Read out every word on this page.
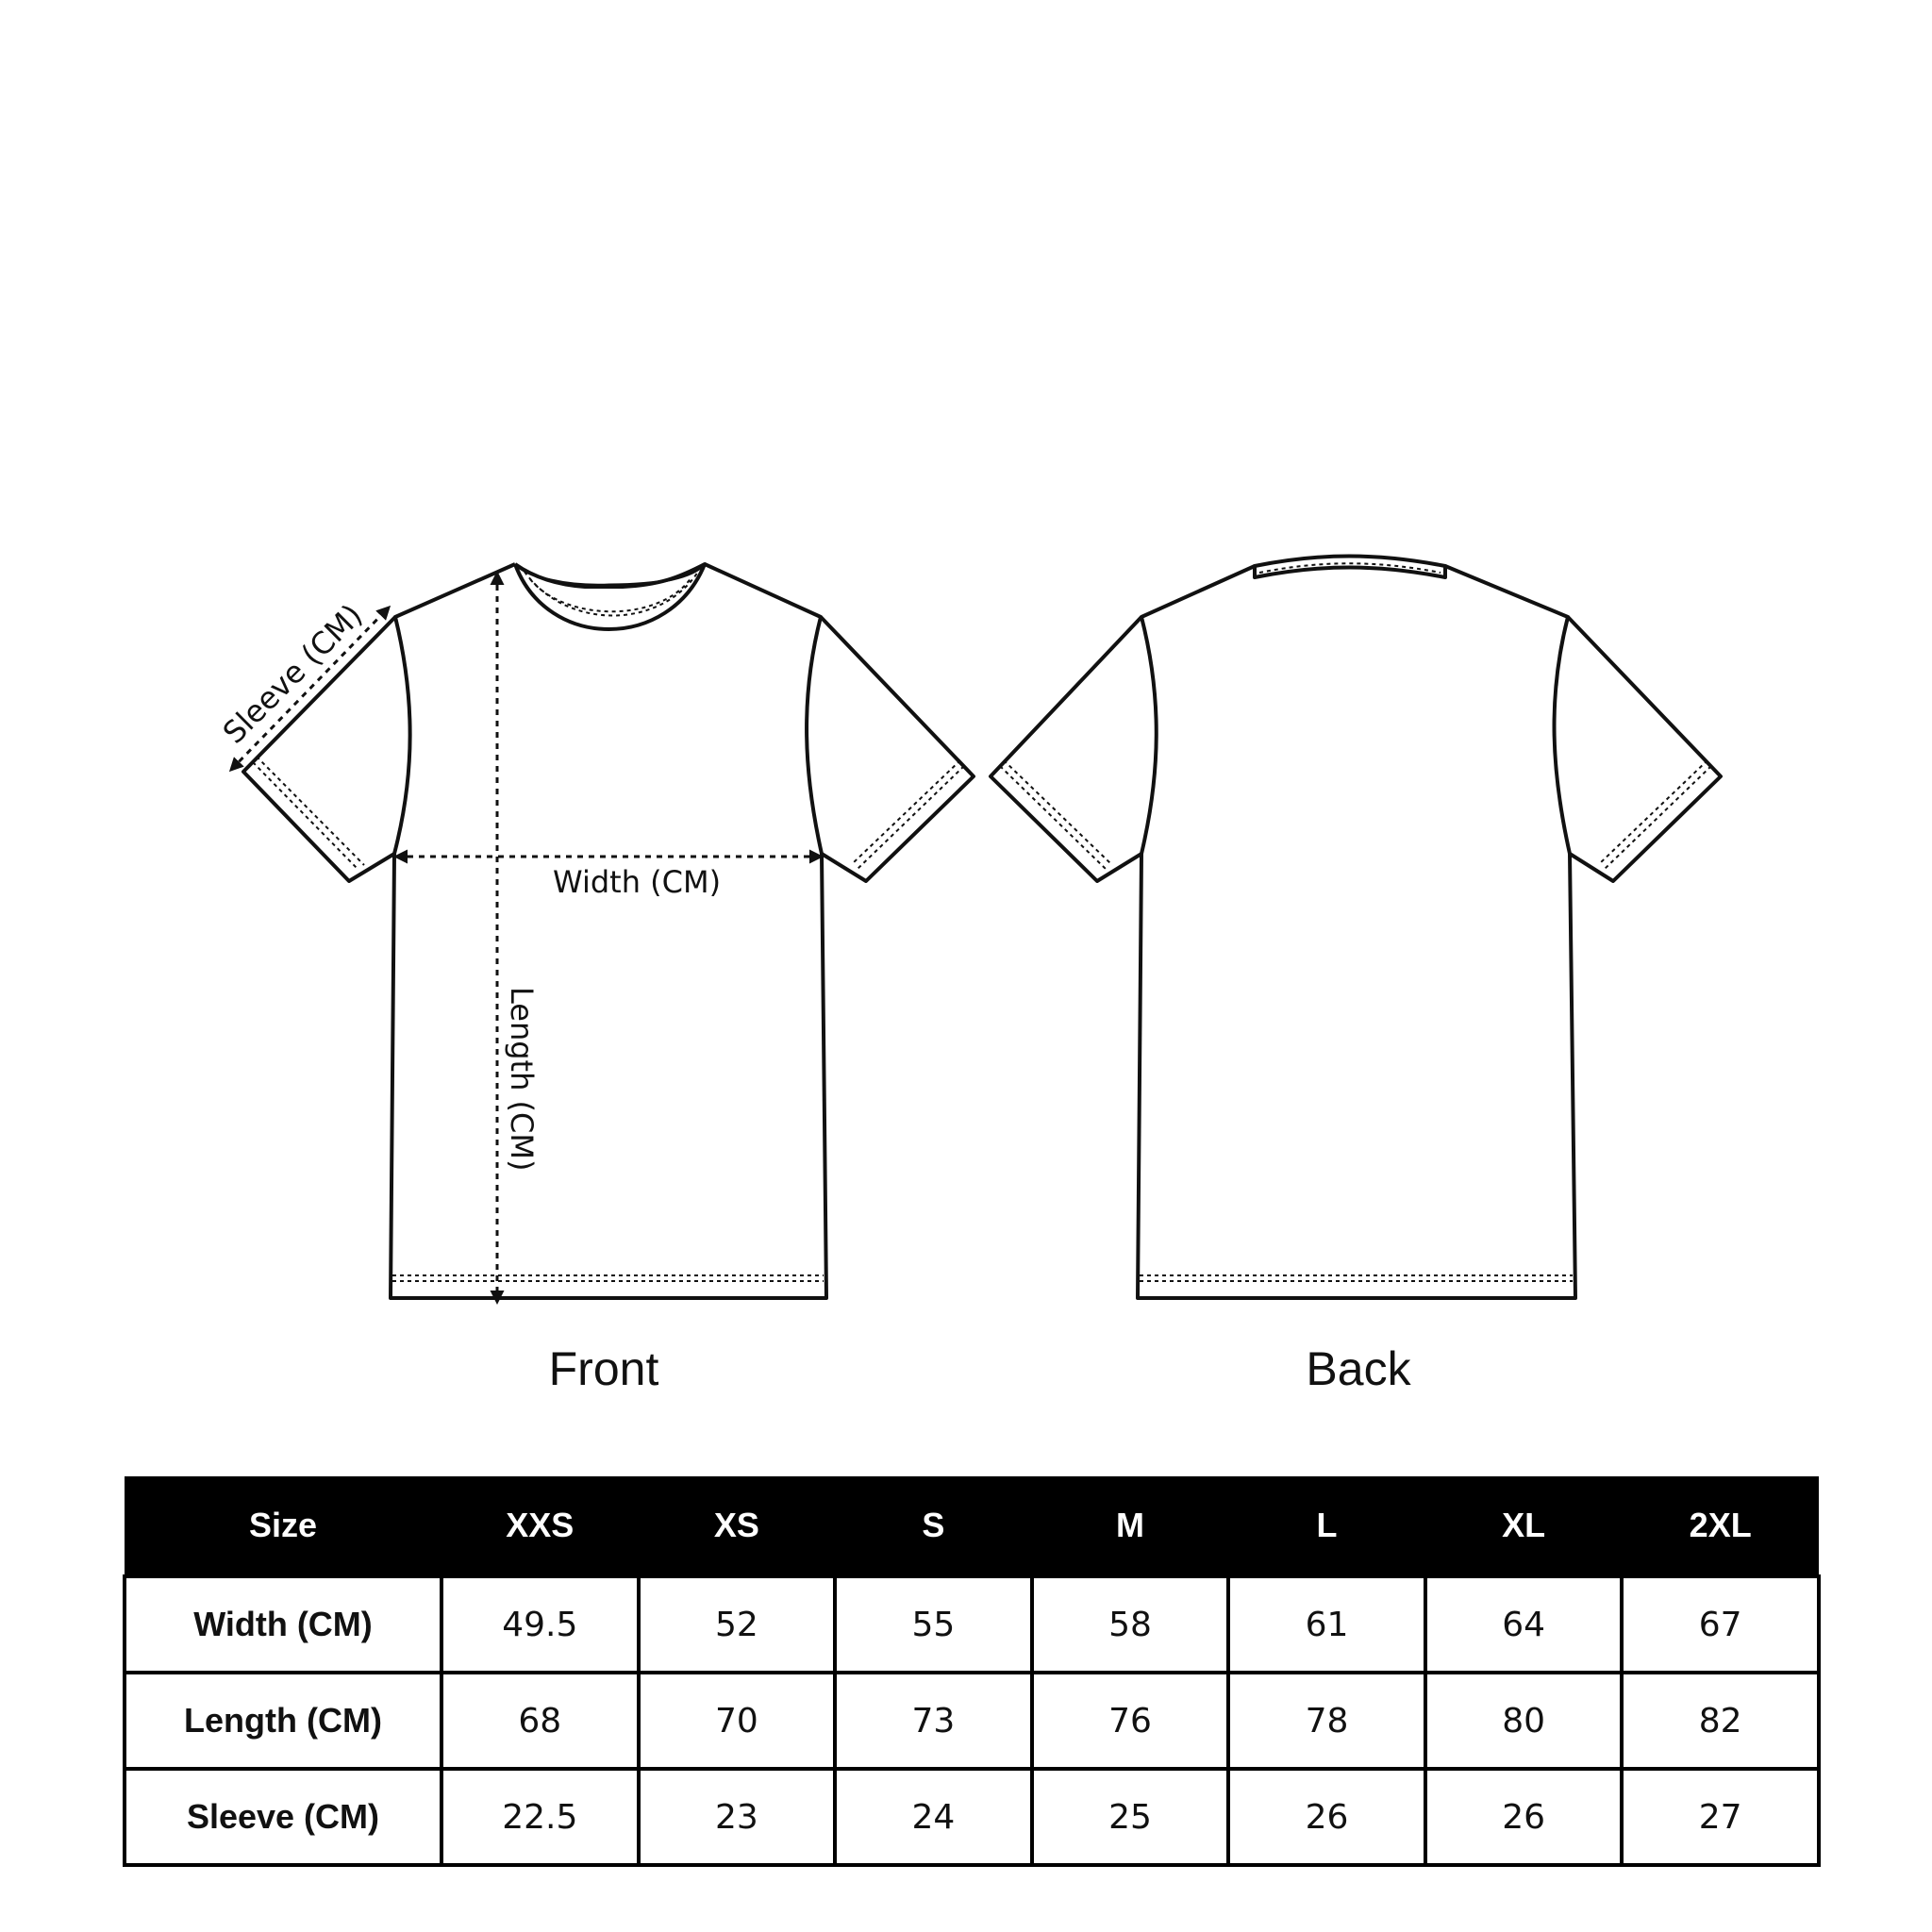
Sleeve (CM)
Width (CM)
Length (CM)
Front	Back
Size	XXS	XS	S	M	L	XL	2XL
Width (CM)	49.5	52	55	58	61	64	67
Length (CM)	68	70	73	76	78	80	82
Sleeve (CM)	22.5	23	24	25	26	26	27
